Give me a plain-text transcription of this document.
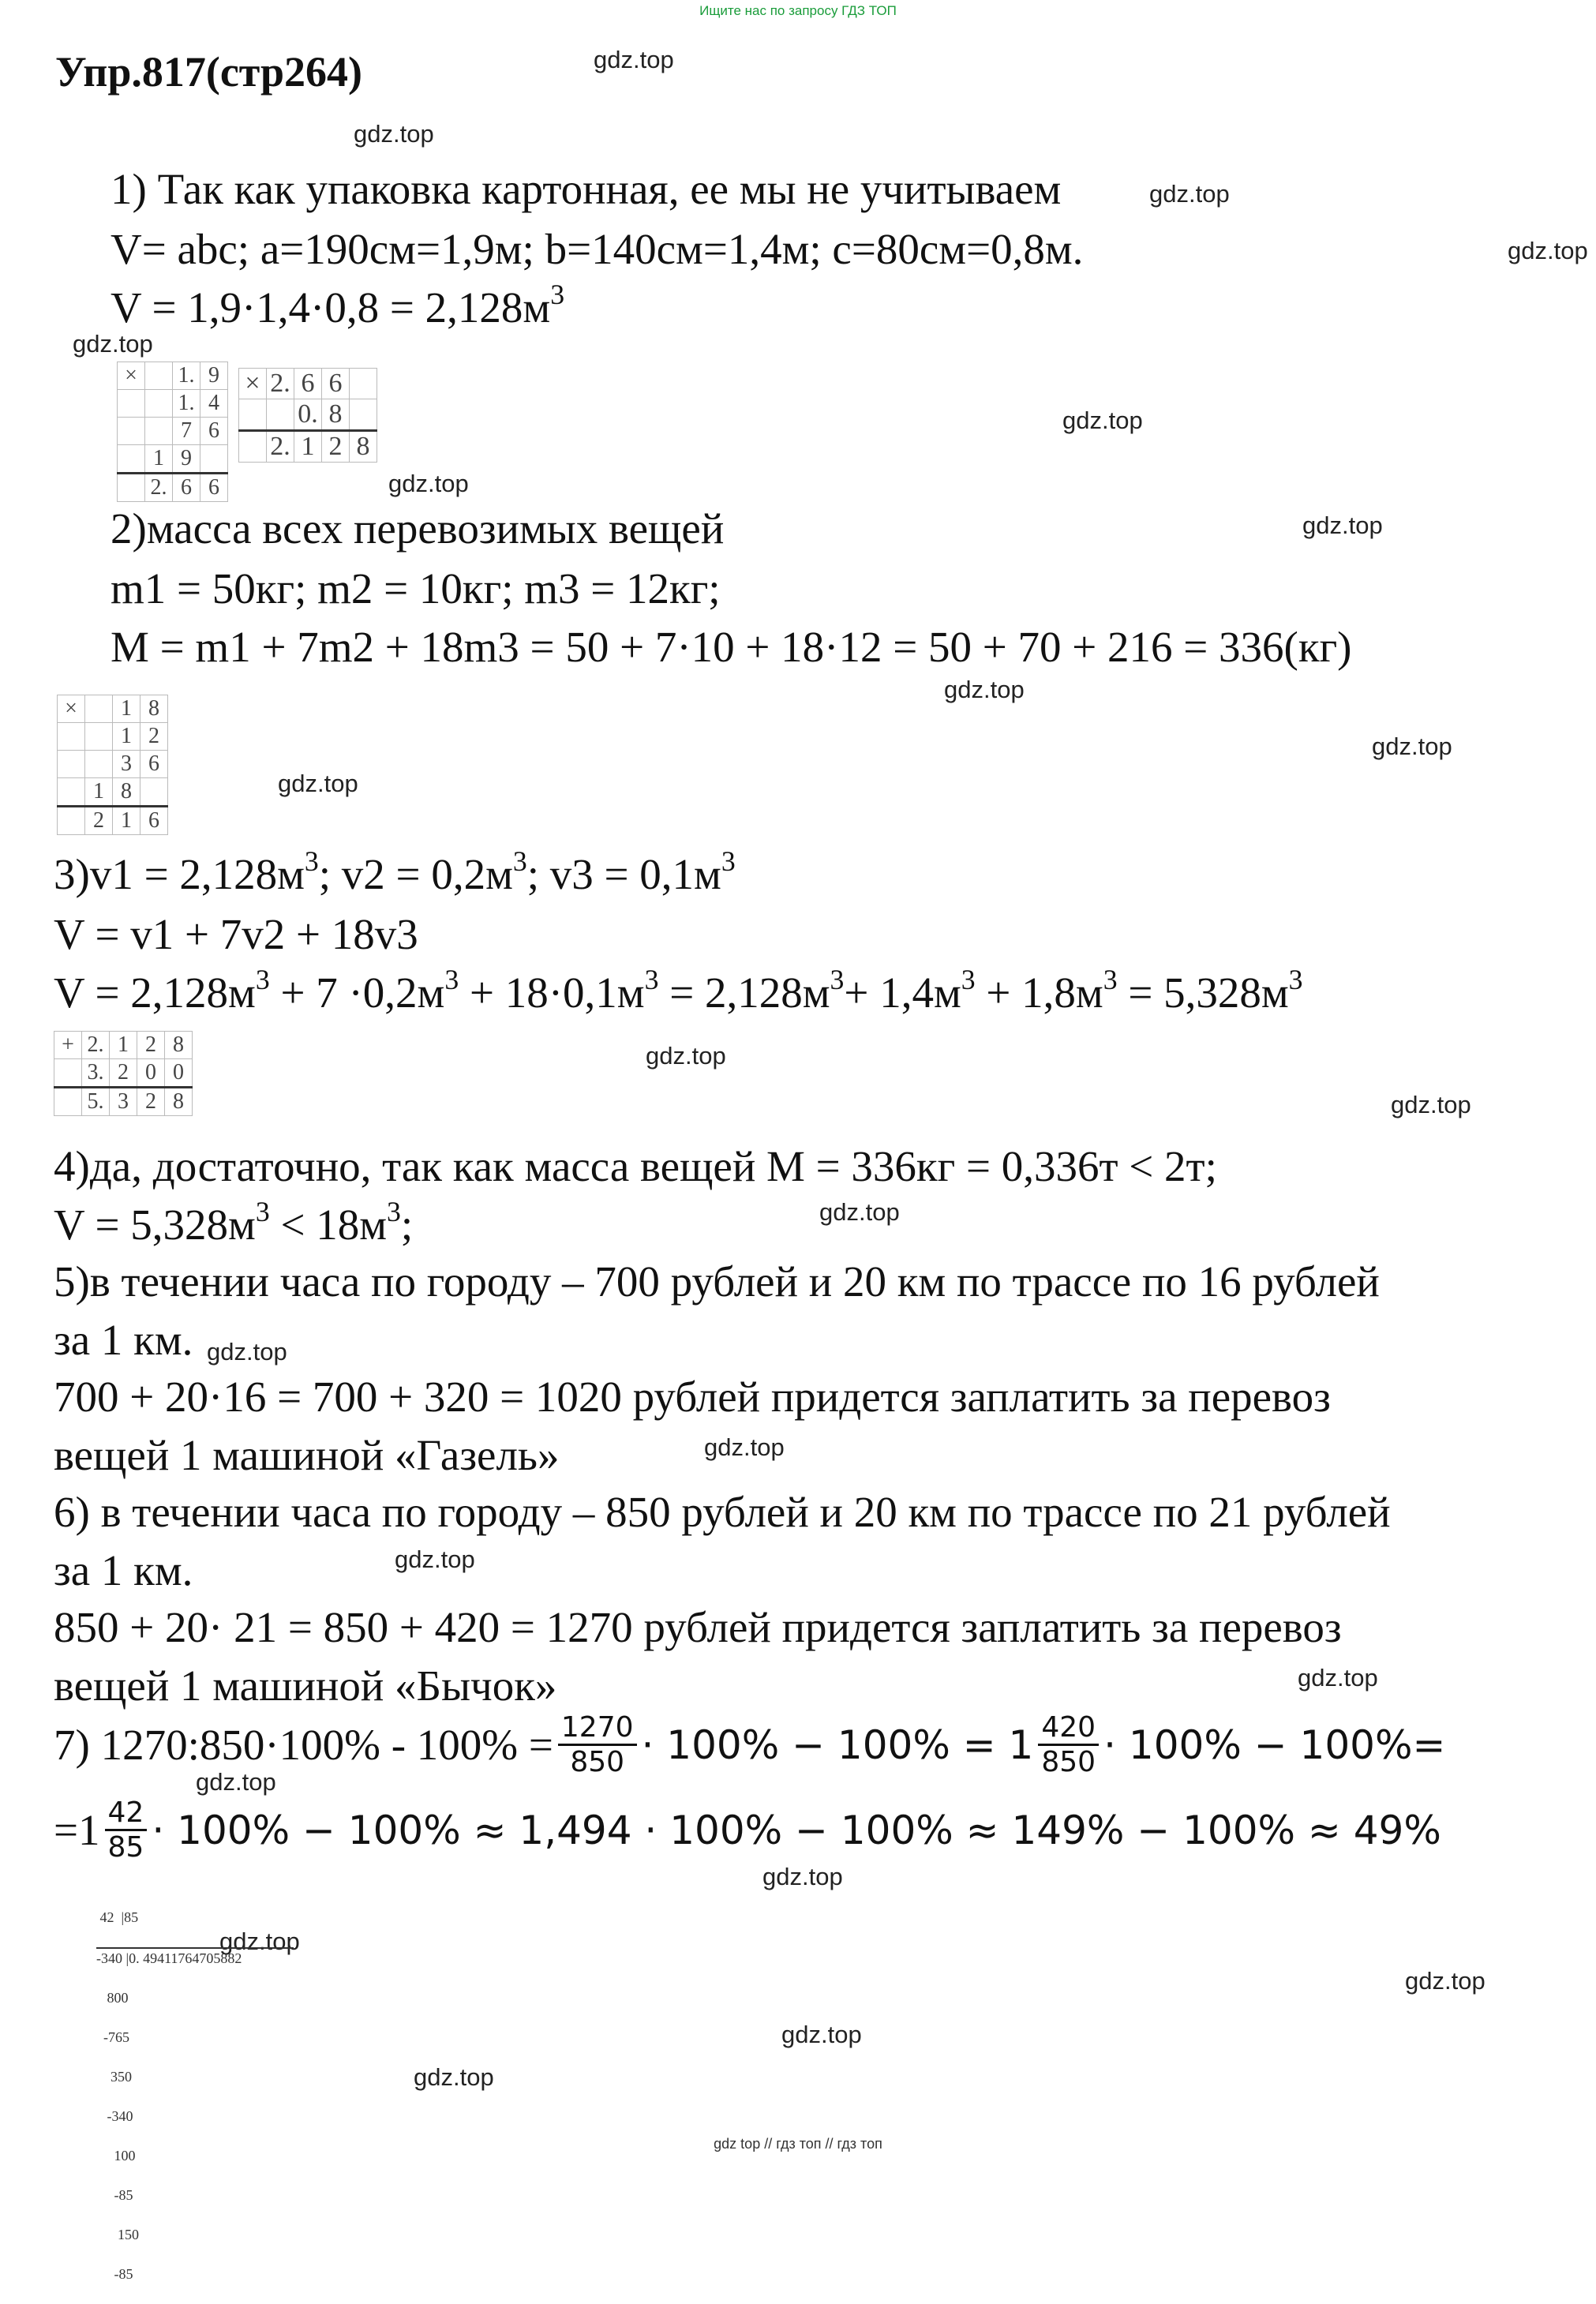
Ищите нас по запросу ГДЗ ТОП
Упр.817(стр264)	gdz.top
gdz.top
gdz.top
gdz.top
gdz.top
gdz.top
gdz.top
gdz.top
gdz.top
gdz.top
gdz.top
gdz.top
gdz.top
gdz.top
gdz.top
gdz.top
gdz.top
gdz.top
gdz.top
gdz.top
gdz.top
gdz.top
gdz.top
gdz.top
1) Так как упаковка картонная, ее мы не учитываем
V= abc; a=190см=1,9м; b=140см=1,4м; c=80см=0,8м.
$V = 1,9\cdot 1,4\cdot 0,8 = 2,128м^3$
×		1.	9
		1.	4
		7	6
	1	9	
	2.	6	6
×	2.	6	6	
		0.	8	
	2.	1	2	8
2)масса всех перевозимых вещей
m1 = 50кг; m2 = 10кг; m3 = 12кг;
M = m1 + 7m2 + 18m3 = 50 + 7·10 + 18·12 = 50 + 70 + 216 = 336(кг)
×		1	8
		1	2
		3	6
	1	8	
	2	1	6
$3)v1 = 2,128м^3$; $v2 = 0,2м^3$; $v3 = 0,1м^3$
V = v1 + 7v2 + 18v3
$V = 2,128м^3 + 7 \cdot 0,2м^3 + 18\cdot 0,1м^3 = 2,128м^3+ 1,4м^3 + 1,8м^3 = 5,328м^3$
+	2.	1	2	8
	3.	2	0	0
	5.	3	2	8
4)да, достаточно, так как масса вещей M = 336кг = 0,336т < 2т;
$V = 5,328м^3 < 18м^3$;
5)в течении часа по городу – 700 рублей и 20 км по трассе по 16 рублей
за 1 км.
700 + 20·16 = 700 + 320 = 1020 рублей придется заплатить за перевоз
вещей 1 машиной «Газель»
6) в течении часа по городу – 850 рублей и 20 км по трассе по 21 рублей
за 1 км.
850 + 20· 21 = 850 + 420 = 1270 рублей придется заплатить за перевоз
вещей 1 машиной «Бычок»
7) 1270:850·100% - $100\% = \frac{1270}{850} \cdot 100\% - 100\% = 1 \frac{420}{850} \cdot 100\% - 100\%=$
$=1 \frac{42}{85} \cdot 100\% - 100\% \approx 1,494 \cdot 100\% - 100\% \approx 149\% - 100\% \approx 49\%$

42  |85

-340 |0. 49411764705882

800

-765

350

-340

100

-85

150

-85

gdz top // гдз топ // гдз топ
